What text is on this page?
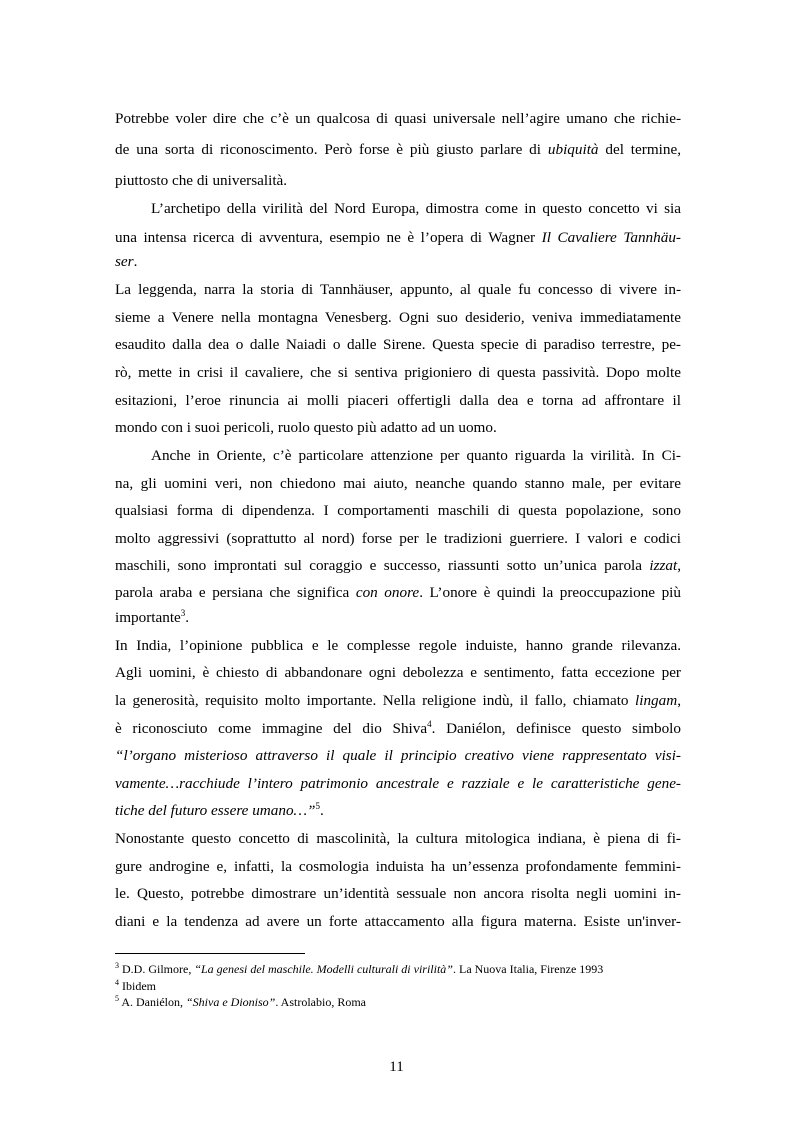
Potrebbe voler dire che c’è un qualcosa di quasi universale nell’agire umano che richie-
de una sorta di riconoscimento. Però forse è più giusto parlare di ubiquità del termine,
piuttosto che di universalità.
L’archetipo della virilità del Nord Europa, dimostra come in questo concetto vi sia
una intensa ricerca di avventura, esempio ne è l’opera di Wagner Il Cavaliere Tannhäu-
ser.
La leggenda, narra la storia di Tannhäuser, appunto, al quale fu concesso di vivere in-
sieme a Venere nella montagna Venesberg. Ogni suo desiderio, veniva immediatamente
esaudito dalla dea o dalle Naiadi o dalle Sirene. Questa specie di paradiso terrestre, pe-
rò, mette in crisi il cavaliere, che si sentiva prigioniero di questa passività. Dopo molte
esitazioni, l’eroe rinuncia ai molli piaceri offertigli dalla dea e torna ad affrontare il
mondo con i suoi pericoli, ruolo questo più adatto ad un uomo.
Anche in Oriente, c’è particolare attenzione per quanto riguarda la virilità. In Ci-
na, gli uomini veri, non chiedono mai aiuto, neanche quando stanno male, per evitare
qualsiasi forma di dipendenza. I comportamenti maschili di questa popolazione, sono
molto aggressivi (soprattutto al nord) forse per le tradizioni guerriere. I valori e codici
maschili, sono improntati sul coraggio e successo, riassunti sotto un’unica parola izzat,
parola araba e persiana che significa con onore. L’onore è quindi la preoccupazione più
importante$^3$.
In India, l’opinione pubblica e le complesse regole induiste, hanno grande rilevanza.
Agli uomini, è chiesto di abbandonare ogni debolezza e sentimento, fatta eccezione per
la generosità, requisito molto importante. Nella religione indù, il fallo, chiamato lingam,
è riconosciuto come immagine del dio Shiva$^4$. Daniélon, definisce questo simbolo
“l’organo misterioso attraverso il quale il principio creativo viene rappresentato visi-
vamente…racchiude l’intero patrimonio ancestrale e razziale e le caratteristiche gene-
tiche del futuro essere umano…”$^5$.
Nonostante questo concetto di mascolinità, la cultura mitologica indiana, è piena di fi-
gure androgine e, infatti, la cosmologia induista ha un’essenza profondamente femmini-
le. Questo, potrebbe dimostrare un’identità sessuale non ancora risolta negli uomini in-
diani e la tendenza ad avere un forte attaccamento alla figura materna. Esiste un'inver-
$^3$ D.D. Gilmore, “La genesi del maschile. Modelli culturali di virilità”. La Nuova Italia, Firenze 1993
$^4$ Ibidem
$^5$ A. Daniélon, “Shiva e Dioniso”. Astrolabio, Roma
11
